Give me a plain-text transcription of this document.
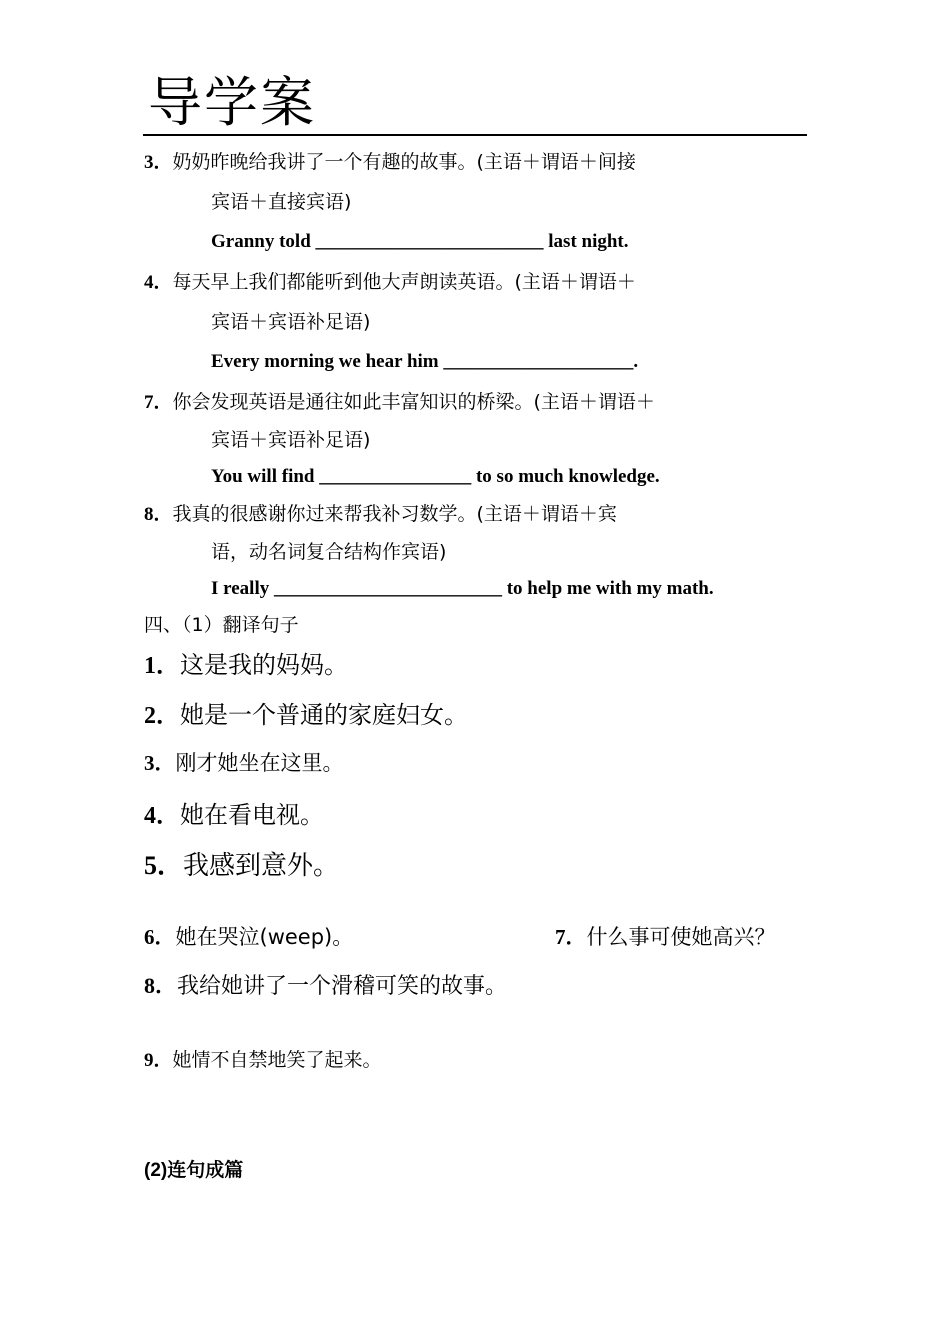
导学案
3．奶奶昨晚给我讲了一个有趣的故事。(主语＋谓语＋间接
宾语＋直接宾语)
Granny told ________________________ last night.
4．每天早上我们都能听到他大声朗读英语。(主语＋谓语＋
宾语＋宾语补足语)
Every morning we hear him ____________________.
7．你会发现英语是通往如此丰富知识的桥梁。(主语＋谓语＋
宾语＋宾语补足语)
You will find ________________ to so much knowledge.
8．我真的很感谢你过来帮我补习数学。(主语＋谓语＋宾
语，动名词复合结构作宾语)
I really ________________________ to help me with my math.
四、（1）翻译句子
1．这是我的妈妈。
2．她是一个普通的家庭妇女。
3．刚才她坐在这里。
4．她在看电视。
5．我感到意外。
6．她在哭泣(weep)。	7．什么事可使她高兴？
8．我给她讲了一个滑稽可笑的故事。
9．她情不自禁地笑了起来。
(2)连句成篇
